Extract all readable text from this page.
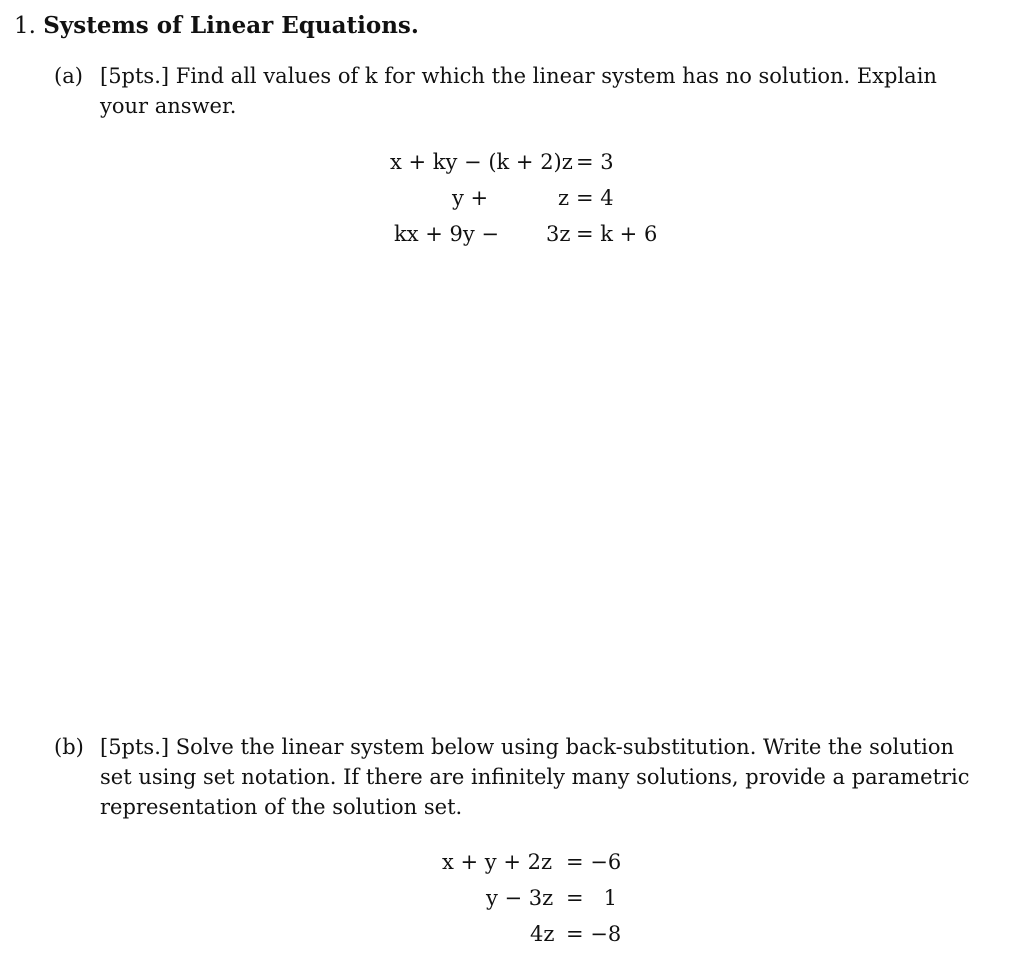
1. Systems of Linear Equations.
(a) [5pts.] Find all values of k for which the linear system has no solution. Explain
your answer.
x + ky − (k + 2)z = 3
y +	z = 4
kx + 9y − 3z = k + 6
(b) [5pts.] Solve the linear system below using back-substitution. Write the solution
set using set notation. If there are infinitely many solutions, provide a parametric
representation of the solution set.
x + y + 2z = −6
y − 3z =   1
4z = −8
